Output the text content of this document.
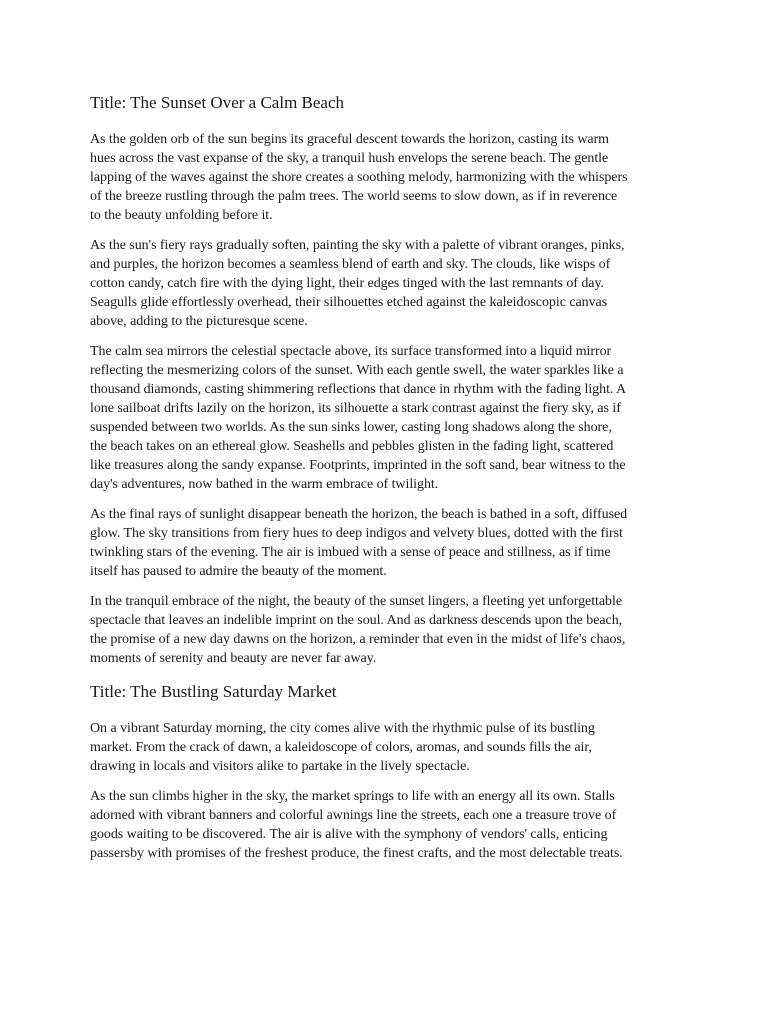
Title: The Sunset Over a Calm Beach

As the golden orb of the sun begins its graceful descent towards the horizon, casting its warm
hues across the vast expanse of the sky, a tranquil hush envelops the serene beach. The gentle
lapping of the waves against the shore creates a soothing melody, harmonizing with the whispers
of the breeze rustling through the palm trees. The world seems to slow down, as if in reverence
to the beauty unfolding before it.

As the sun's fiery rays gradually soften, painting the sky with a palette of vibrant oranges, pinks,
and purples, the horizon becomes a seamless blend of earth and sky. The clouds, like wisps of
cotton candy, catch fire with the dying light, their edges tinged with the last remnants of day.
Seagulls glide effortlessly overhead, their silhouettes etched against the kaleidoscopic canvas
above, adding to the picturesque scene.

The calm sea mirrors the celestial spectacle above, its surface transformed into a liquid mirror
reflecting the mesmerizing colors of the sunset. With each gentle swell, the water sparkles like a
thousand diamonds, casting shimmering reflections that dance in rhythm with the fading light. A
lone sailboat drifts lazily on the horizon, its silhouette a stark contrast against the fiery sky, as if
suspended between two worlds. As the sun sinks lower, casting long shadows along the shore,
the beach takes on an ethereal glow. Seashells and pebbles glisten in the fading light, scattered
like treasures along the sandy expanse. Footprints, imprinted in the soft sand, bear witness to the
day's adventures, now bathed in the warm embrace of twilight.

As the final rays of sunlight disappear beneath the horizon, the beach is bathed in a soft, diffused
glow. The sky transitions from fiery hues to deep indigos and velvety blues, dotted with the first
twinkling stars of the evening. The air is imbued with a sense of peace and stillness, as if time
itself has paused to admire the beauty of the moment.

In the tranquil embrace of the night, the beauty of the sunset lingers, a fleeting yet unforgettable
spectacle that leaves an indelible imprint on the soul. And as darkness descends upon the beach,
the promise of a new day dawns on the horizon, a reminder that even in the midst of life's chaos,
moments of serenity and beauty are never far away.

Title: The Bustling Saturday Market

On a vibrant Saturday morning, the city comes alive with the rhythmic pulse of its bustling
market. From the crack of dawn, a kaleidoscope of colors, aromas, and sounds fills the air,
drawing in locals and visitors alike to partake in the lively spectacle.

As the sun climbs higher in the sky, the market springs to life with an energy all its own. Stalls
adorned with vibrant banners and colorful awnings line the streets, each one a treasure trove of
goods waiting to be discovered. The air is alive with the symphony of vendors' calls, enticing
passersby with promises of the freshest produce, the finest crafts, and the most delectable treats.
